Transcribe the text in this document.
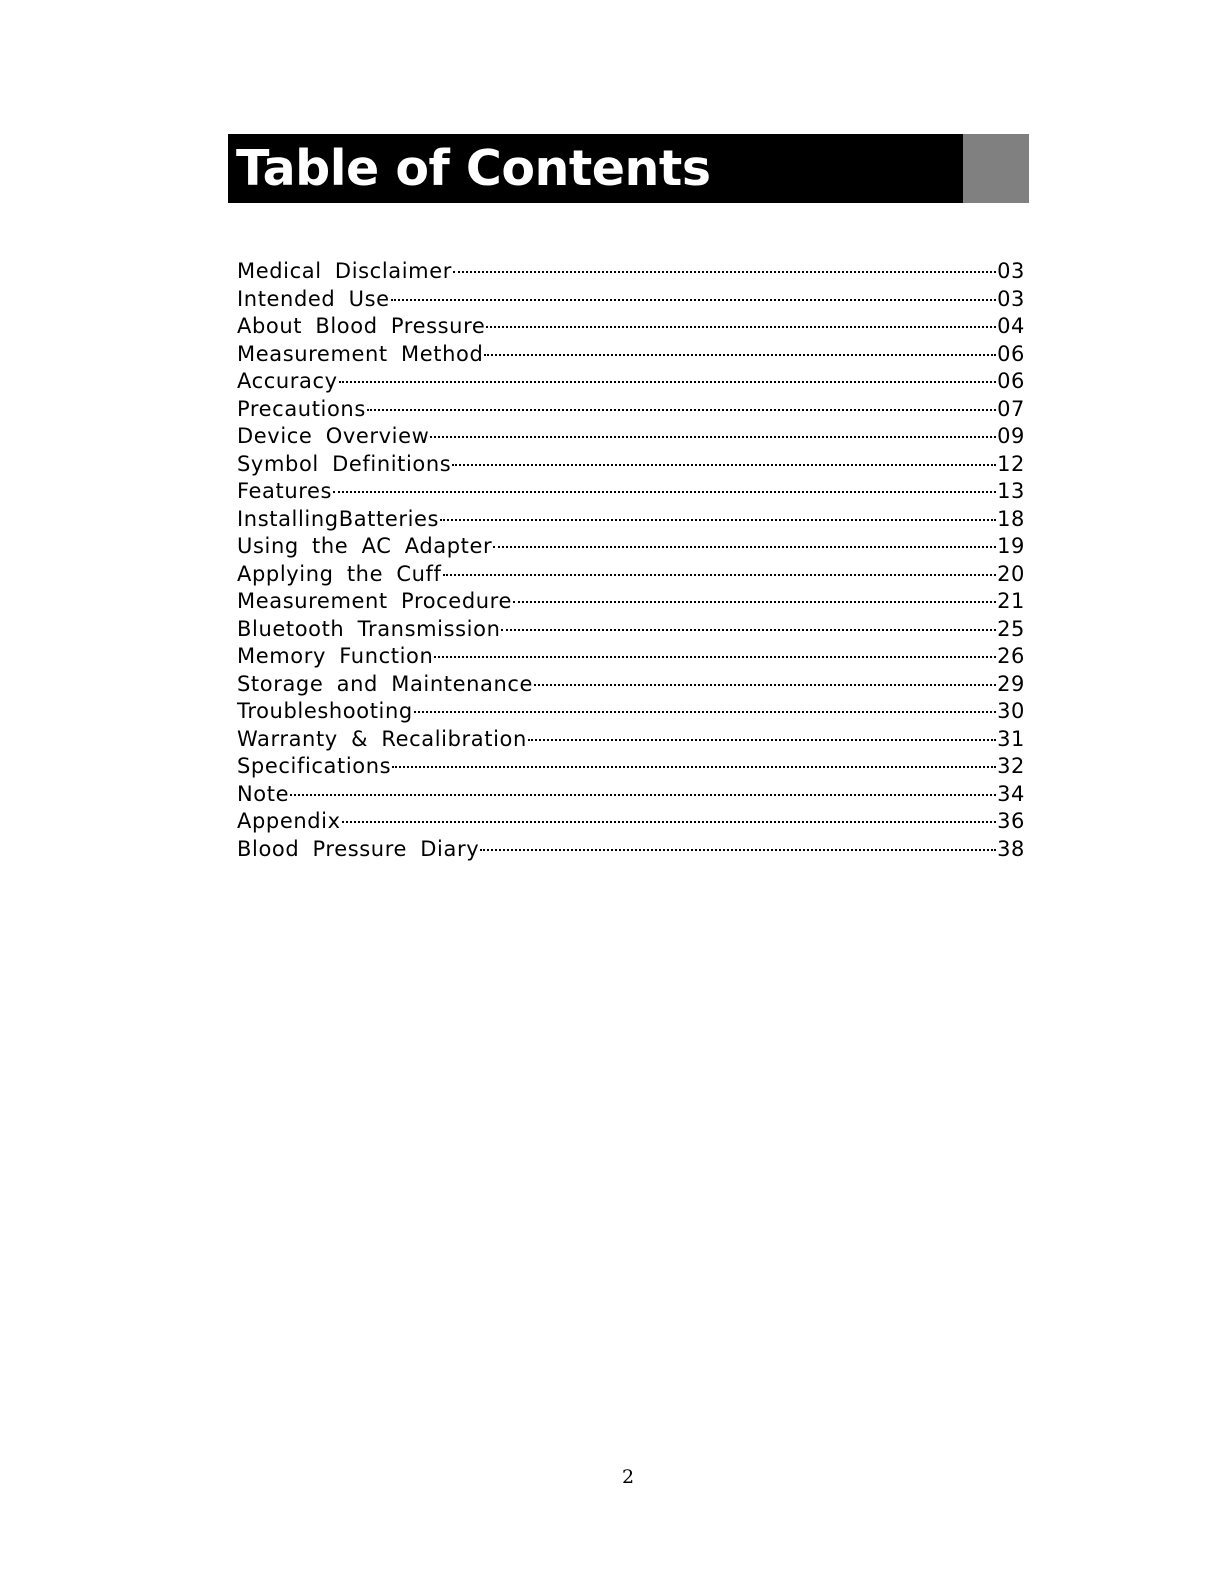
Table of Contents
Medical Disclaimer	03
Intended Use	03
About Blood Pressure	04
Measurement Method	06
Accuracy	06
Precautions	07
Device Overview	09
Symbol Definitions	12
Features	13
InstallingBatteries	18
Using the AC Adapter	19
Applying the Cuff	20
Measurement Procedure	21
Bluetooth Transmission	25
Memory Function	26
Storage and Maintenance	29
Troubleshooting	30
Warranty & Recalibration	31
Specifications	32
Note	34
Appendix	36
Blood Pressure Diary	38
2
